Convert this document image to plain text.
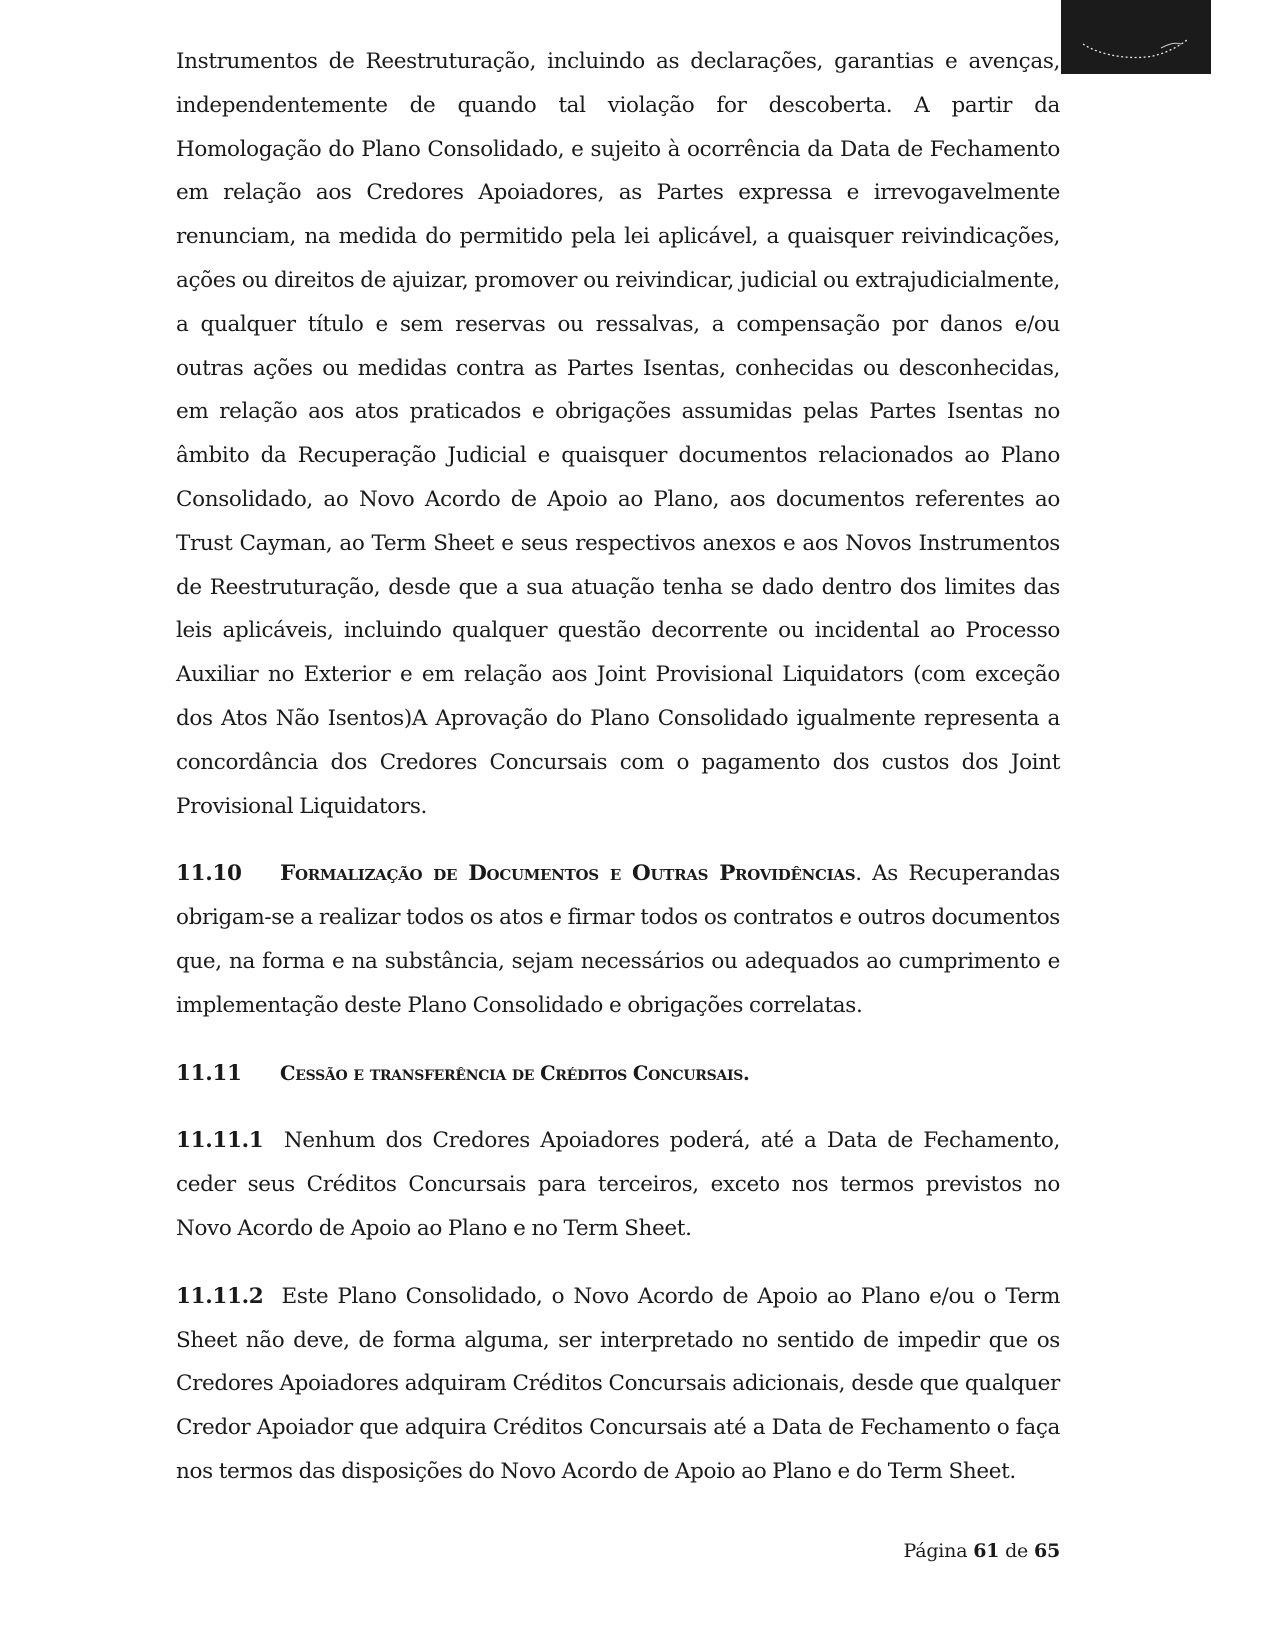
Instrumentos de Reestruturação, incluindo as declarações, garantias e avenças, independentemente de quando tal violação for descoberta. A partir da Homologação do Plano Consolidado, e sujeito à ocorrência da Data de Fechamento em relação aos Credores Apoiadores, as Partes expressa e irrevogavelmente renunciam, na medida do permitido pela lei aplicável, a quaisquer reivindicações, ações ou direitos de ajuizar, promover ou reivindicar, judicial ou extrajudicialmente, a qualquer título e sem reservas ou ressalvas, a compensação por danos e/ou outras ações ou medidas contra as Partes Isentas, conhecidas ou desconhecidas, em relação aos atos praticados e obrigações assumidas pelas Partes Isentas no âmbito da Recuperação Judicial e quaisquer documentos relacionados ao Plano Consolidado, ao Novo Acordo de Apoio ao Plano, aos documentos referentes ao Trust Cayman, ao Term Sheet e seus respectivos anexos e aos Novos Instrumentos de Reestruturação, desde que a sua atuação tenha se dado dentro dos limites das leis aplicáveis, incluindo qualquer questão decorrente ou incidental ao Processo Auxiliar no Exterior e em relação aos Joint Provisional Liquidators (com exceção dos Atos Não Isentos)A Aprovação do Plano Consolidado igualmente representa a concordância dos Credores Concursais com o pagamento dos custos dos Joint Provisional Liquidators.

11.10 Formalização de Documentos e Outras Providências. As Recuperandas obrigam-se a realizar todos os atos e firmar todos os contratos e outros documentos que, na forma e na substância, sejam necessários ou adequados ao cumprimento e implementação deste Plano Consolidado e obrigações correlatas.

11.11 Cessão e transferência de Créditos Concursais.

11.11.1 Nenhum dos Credores Apoiadores poderá, até a Data de Fechamento, ceder seus Créditos Concursais para terceiros, exceto nos termos previstos no Novo Acordo de Apoio ao Plano e no Term Sheet.

11.11.2 Este Plano Consolidado, o Novo Acordo de Apoio ao Plano e/ou o Term Sheet não deve, de forma alguma, ser interpretado no sentido de impedir que os Credores Apoiadores adquiram Créditos Concursais adicionais, desde que qualquer Credor Apoiador que adquira Créditos Concursais até a Data de Fechamento o faça nos termos das disposições do Novo Acordo de Apoio ao Plano e do Term Sheet.

Página 61 de 65
